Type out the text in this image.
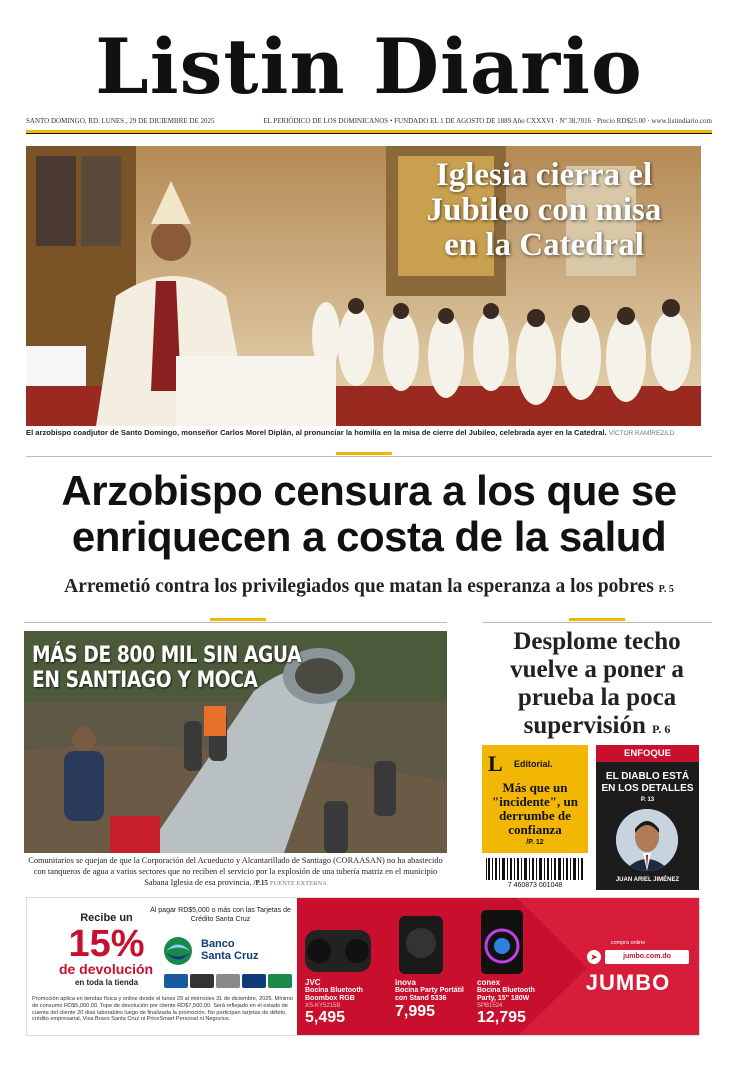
Listin Diario
SANTO DOMINGO, RD. LUNES , 29 DE DICIEMBRE DE 2025	EL PERIÓDICO DE LOS DOMINICANOS • FUNDADO EL 1 DE AGOSTO DE 1889 Año CXXXVI · Nº 38,7016 · Precio RD$25.00 · www.listindiario.com
Iglesia cierra el Jubileo con misa en la Catedral
El arzobispo coadjutor de Santo Domingo, monseñor Carlos Morel Diplán, al pronunciar la homilía en la misa de cierre del Jubileo, celebrada ayer en la Catedral. VÍCTOR RAMÍREZ/LD
Arzobispo censura a los que se enriquecen a costa de la salud
Arremetió contra los privilegiados que matan la esperanza a los pobres P. 5
MÁS DE 800 MIL SIN AGUA
EN SANTIAGO Y MOCA
Comunitarios se quejan de que la Corporación del Acueducto y Alcantarillado de Santiago (CORAASAN) no ha abastecido con tanqueros de agua a varios sectores que no reciben el servicio por la explosión de una tubería matriz en el municipio Sabana Iglesia de esa provincia. /P.15 FUENTE EXTERNA
Desplome techo vuelve a poner a prueba la poca supervisión P. 6
L	Editorial.
Más que un "incidente", un derrumbe de confianza
/P. 12
7 460873 001048
ENFOQUE
EL DIABLO ESTÁ EN LOS DETALLES
P. 13
JUAN ARIEL JIMÉNEZ
Recibe un
15%
de devolución
en toda la tienda
Al pagar RD$5,000 o más con las Tarjetas de Crédito Santa Cruz
Banco
Santa Cruz
Promoción aplica en tiendas física y online desde el lunes 29 al miércoles 31 de diciembre, 2025. Mínimo de consumo RD$5,000.00. Tope de devolución por cliente RD$7,500.00. Será reflejado en el estado de cuenta del cliente 20 días laborables luego de finalizada la promoción. No participan tarjetas de débito, crédito empresarial, Visa Bravo Santa Cruz ni PriceSmart Personal ni Negocios.
JVC
Bocina Bluetooth Boombox RGB
XS-KY5215B
5,495
inova
Bocina Party Portátil con Stand 5336
7,995
conex
Bocina Bluetooth Party, 15" 180W
SPB1524
12,795
compra online
➤	jumbo.com.do
JUMBO
